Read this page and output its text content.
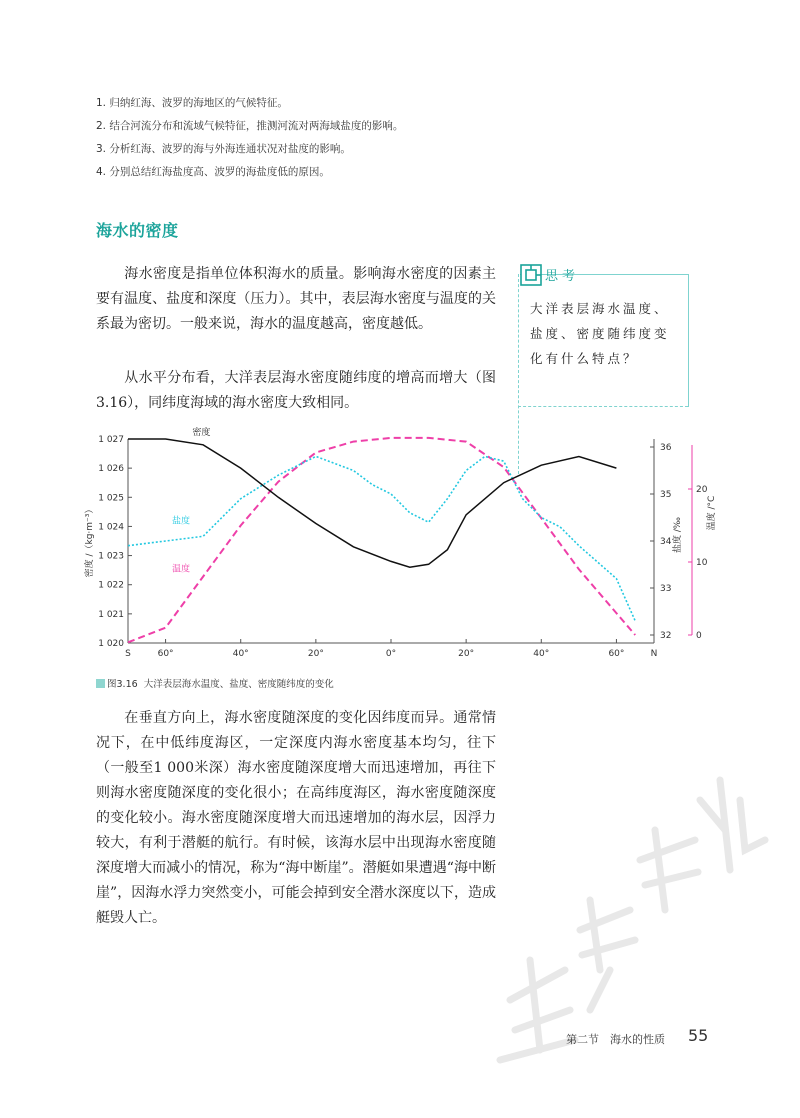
1. 归纳红海、波罗的海地区的气候特征。
2. 结合河流分布和流域气候特征，推测河流对两海域盐度的影响。
3. 分析红海、波罗的海与外海连通状况对盐度的影响。
4. 分别总结红海盐度高、波罗的海盐度低的原因。
海水的密度
海水密度是指单位体积海水的质量。影响海水密度的因素主要有温度、盐度和深度（压力）。其中，表层海水密度与温度的关系最为密切。一般来说，海水的温度越高，密度越低。
从水平分布看，大洋表层海水密度随纬度的增高而增大（图3.16），同纬度海域的海水密度大致相同。
思考
大洋表层海水温度、盐度、密度随纬度变化有什么特点？
1 020
1 021
1 022
1 023
1 024
1 025
1 026
1 027
32
33
34
35
36
0
10
20
S	60°	40°	20°	0°	20°	40°	60°	N
密度 /（kg·m⁻³）	盐度 /‰
温度 /°C
密度
盐度
温度
图3.16 大洋表层海水温度、盐度、密度随纬度的变化
在垂直方向上，海水密度随深度的变化因纬度而异。通常情况下，在中低纬度海区，一定深度内海水密度基本均匀，往下（一般至1 000米深）海水密度随深度增大而迅速增加，再往下则海水密度随深度的变化很小；在高纬度海区，海水密度随深度的变化较小。海水密度随深度增大而迅速增加的海水层，因浮力较大，有利于潜艇的航行。有时候，该海水层中出现海水密度随深度增大而减小的情况，称为“海中断崖”。潜艇如果遭遇“海中断崖”，因海水浮力突然变小，可能会掉到安全潜水深度以下，造成艇毁人亡。
第二节　海水的性质 55
